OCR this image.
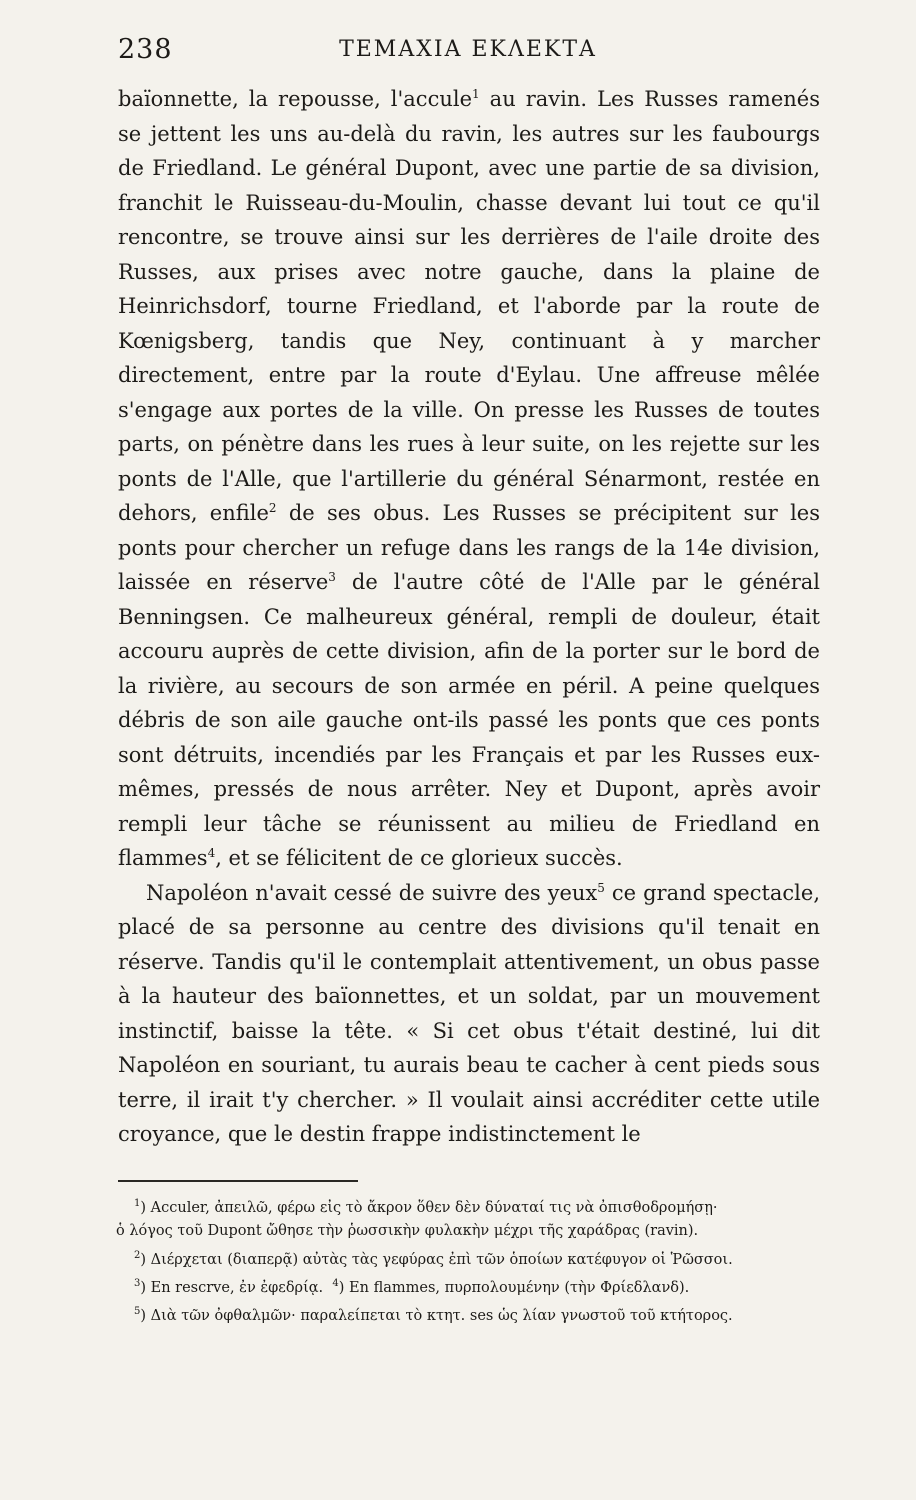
238	ΤΕΜΑΧΙΑ ΕΚΛΕΚΤΑ

baïonnette, la repousse, l'accule$^1$ au ravin. Les Russes ramenés se jettent les uns au-delà du ravin, les autres sur les faubourgs de Friedland. Le général Dupont, avec une partie de sa division, franchit le Ruisseau-du-Moulin, chasse devant lui tout ce qu'il rencontre, se trouve ainsi sur les derrières de l'aile droite des Russes, aux prises avec notre gauche, dans la plaine de Heinrichsdorf, tourne Friedland, et l'aborde par la route de Kœnigsberg, tandis que Ney, continuant à y marcher directement, entre par la route d'Eylau. Une affreuse mêlée s'engage aux portes de la ville. On presse les Russes de toutes parts, on pénètre dans les rues à leur suite, on les rejette sur les ponts de l'Alle, que l'artillerie du général Sénarmont, restée en dehors, enfile$^2$ de ses obus. Les Russes se précipitent sur les ponts pour chercher un refuge dans les rangs de la 14e division, laissée en réserve$^3$ de l'autre côté de l'Alle par le général Benningsen. Ce malheureux général, rempli de douleur, était accouru auprès de cette division, afin de la porter sur le bord de la rivière, au secours de son armée en péril. A peine quelques débris de son aile gauche ont-ils passé les ponts que ces ponts sont détruits, incendiés par les Français et par les Russes eux-mêmes, pressés de nous arrêter. Ney et Dupont, après avoir rempli leur tâche se réunissent au milieu de Friedland en flammes$^4$, et se félicitent de ce glorieux succès.

Napoléon n'avait cessé de suivre des yeux$^5$ ce grand spectacle, placé de sa personne au centre des divisions qu'il tenait en réserve. Tandis qu'il le contemplait attentivement, un obus passe à la hauteur des baïonnettes, et un soldat, par un mouvement instinctif, baisse la tête. « Si cet obus t'était destiné, lui dit Napoléon en souriant, tu aurais beau te cacher à cent pieds sous terre, il irait t'y chercher. » Il voulait ainsi accréditer cette utile croyance, que le destin frappe indistinctement le

$^1$) Acculer, ἀπειλῶ, φέρω εἰς τὸ ἄκρον ὅθεν δὲν δύναταί τις νὰ ὀπισθοδρομήσῃ·
ὁ λόγος τοῦ Dupont ὤθησε τὴν ῥωσσικὴν φυλακὴν μέχρι τῆς χαράδρας (ravin).
$^2$) Διέρχεται (διαπερᾷ) αὐτὰς τὰς γεφύρας ἐπὶ τῶν ὁποίων κατέφυγον οἱ Ῥῶσσοι.
$^3$) En rescrve, ἐν ἐφεδρίᾳ. $^4$) En flammes, πυρπολουμένην (τὴν Φρίεδλανδ).
$^5$) Διὰ τῶν ὀφθαλμῶν· παραλείπεται τὸ κτητ. ses ὡς λίαν γνωστοῦ τοῦ κτήτορος.
